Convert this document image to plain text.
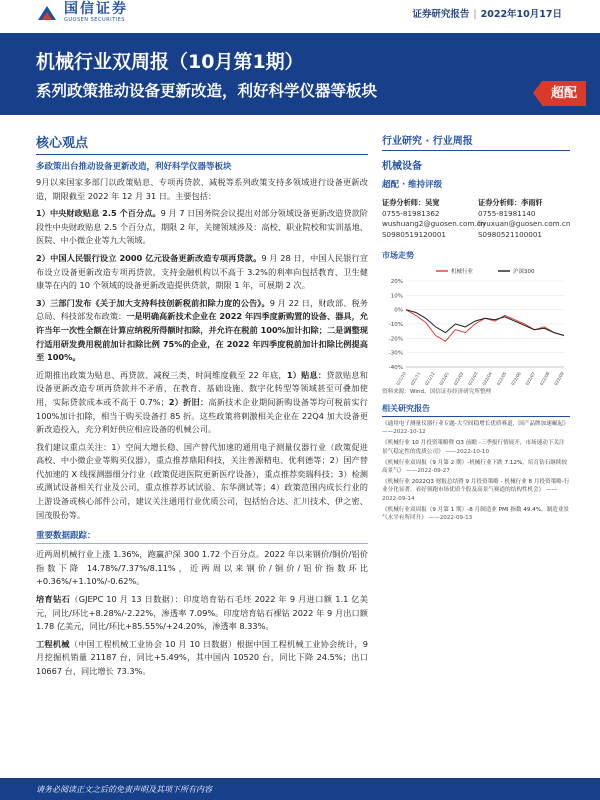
国信证券
GUOSEN SECURITIES	证券研究报告 | 2022年10月17日
机械行业双周报（10月第1期）
系列政策推动设备更新改造，利好科学仪器等板块	超配
核心观点
多政策出台推动设备更新改造，利好科学仪器等板块

9月以来国家多部门以政策贴息、专项再贷款、减税等系列政策支持多领域进行设备更新改造，期限截至 2022 年 12 月 31 日。主要包括：

1）中央财政贴息 2.5 个百分点。9 月 7 日国务院会议提出对部分领域设备更新改造贷款阶段性中央财政贴息 2.5 个百分点，期限 2 年，关键领域涉及：高校、职业院校和实训基地、医院、中小微企业等九大领域。

2）中国人民银行设立 2000 亿元设备更新改造专项再贷款。9 月 28 日，中国人民银行宣布设立设备更新改造专项再贷款，支持金融机构以不高于 3.2%的利率向包括教育、卫生健康等在内的 10 个领域的设备更新改造提供贷款，期限 1 年，可展期 2 次。

3）三部门发布《关于加大支持科技创新税前扣除力度的公告》。9 月 22 日，财政部、税务总局、科技部发布政策：一是明确高新技术企业在 2022 年四季度新购置的设备、器具，允许当年一次性全额在计算应纳税所得额时扣除，并允许在税前 100%加计扣除；二是调整现行适用研发费用税前加计扣除比例 75%的企业，在 2022 年四季度税前加计扣除比例提高至 100%。

近期推出政策为贴息、再贷款、减税三类，时间维度截至 22 年底，1）贴息：贷款贴息和设备更新改造专项再贷款并不矛盾，在教育、基础设施、数字化转型等领域甚至可叠加使用，实际贷款成本或不高于 0.7%；2）折旧：高新技术企业期间新购设备等均可税前实行 100%加计扣除，相当于购买设备打 85 折。这些政策将刺激相关企业在 22Q4 加大设备更新改造投入，充分利好供应相应设备的机械公司。

我们建议重点关注：1）空间大增长稳、国产替代加速的通用电子测量仪器行业（政策促进高校、中小微企业等购买仪器），重点推荐鼎阳科技，关注普源精电、优利德等；2）国产替代加速的 X 线探测器细分行业（政策促进医院更新医疗设备），重点推荐奕瑞科技；3）检测或测试设备相关行业及公司，重点推荐苏试试验、东华测试等；4）政策范围内成长行业的上游设备或核心部件公司，建议关注通用行业优质公司，包括怡合达、汇川技术、伊之密、国茂股份等。

重要数据跟踪：

近两周机械行业上涨 1.36%，跑赢沪深 300 1.72 个百分点。2022 年以来钢价/铜价/铝价指数下降 14.78%/7.37%/8.11%，近两周以来钢价/铜价/铝价指数环比+0.36%/+1.10%/-0.62%。

培育钻石（GJEPC 10 月 13 日数据）：印度培育钻石毛坯 2022 年 9 月进口额 1.1 亿美元，同比/环比+8.28%/-2.22%，渗透率 7.09%。印度培育钻石裸钻 2022 年 9 月出口额 1.78 亿美元，同比/环比+85.55%/+24.20%，渗透率 8.33%。

工程机械（中国工程机械工业协会 10 月 10 日数据）根据中国工程机械工业协会统计，9 月挖掘机销量 21187 台，同比+5.49%，其中国内 10520 台，同比下降 24.5%；出口 10667 台，同比增长 73.3%。

行业研究 · 行业周报
机械设备
超配 · 维持评级
证券分析师：吴宽
0755-81981362
wushuang2@guosen.com.cn
S0980519120001
证券分析师：李雨轩
0755-81981140
liyuxuan@guosen.com.cn
S0980521100001
市场走势
20%
10%
0%
-10%
-20%
-30%
-40%
2021/10 2021/11 2021/12 2022/01 2022/02 2022/03 2022/04 2022/05 2022/06 2022/07 2022/08 2022/09
机械行业	沪深300
资料来源：Wind、国信证券经济研究所整理
相关研究报告
《通用电子测量仪器行业专题-大空间稳增长优质赛道，国产品牌加速崛起》 ——2022-10-12
《机械行业 10 月投资策略暨 Q3 前瞻 -三季报行情展开，市场速动下关注景气稳定性的优质公司》 ——2022-10-10
《机械行业双周报（9 月第 2 期）-机械行业下跌 7.12%，培育钻石继续较高景气》 ——2022-09-27
《机械行业 2022Q3 财报总结暨 9 月投资策略 - 机械行业 8 月投资策略-行业分化显著，看好领跑市场优质个股及高景气赛道的结构性机会》 ——2022-09-14
《机械行业双周报（9 月第 1 期）-8 月制造业 PMI 指数 49.4%，制造业景气水平有所回升》 ——2022-09-13
请务必阅读正文之后的免责声明及其项下所有内容
